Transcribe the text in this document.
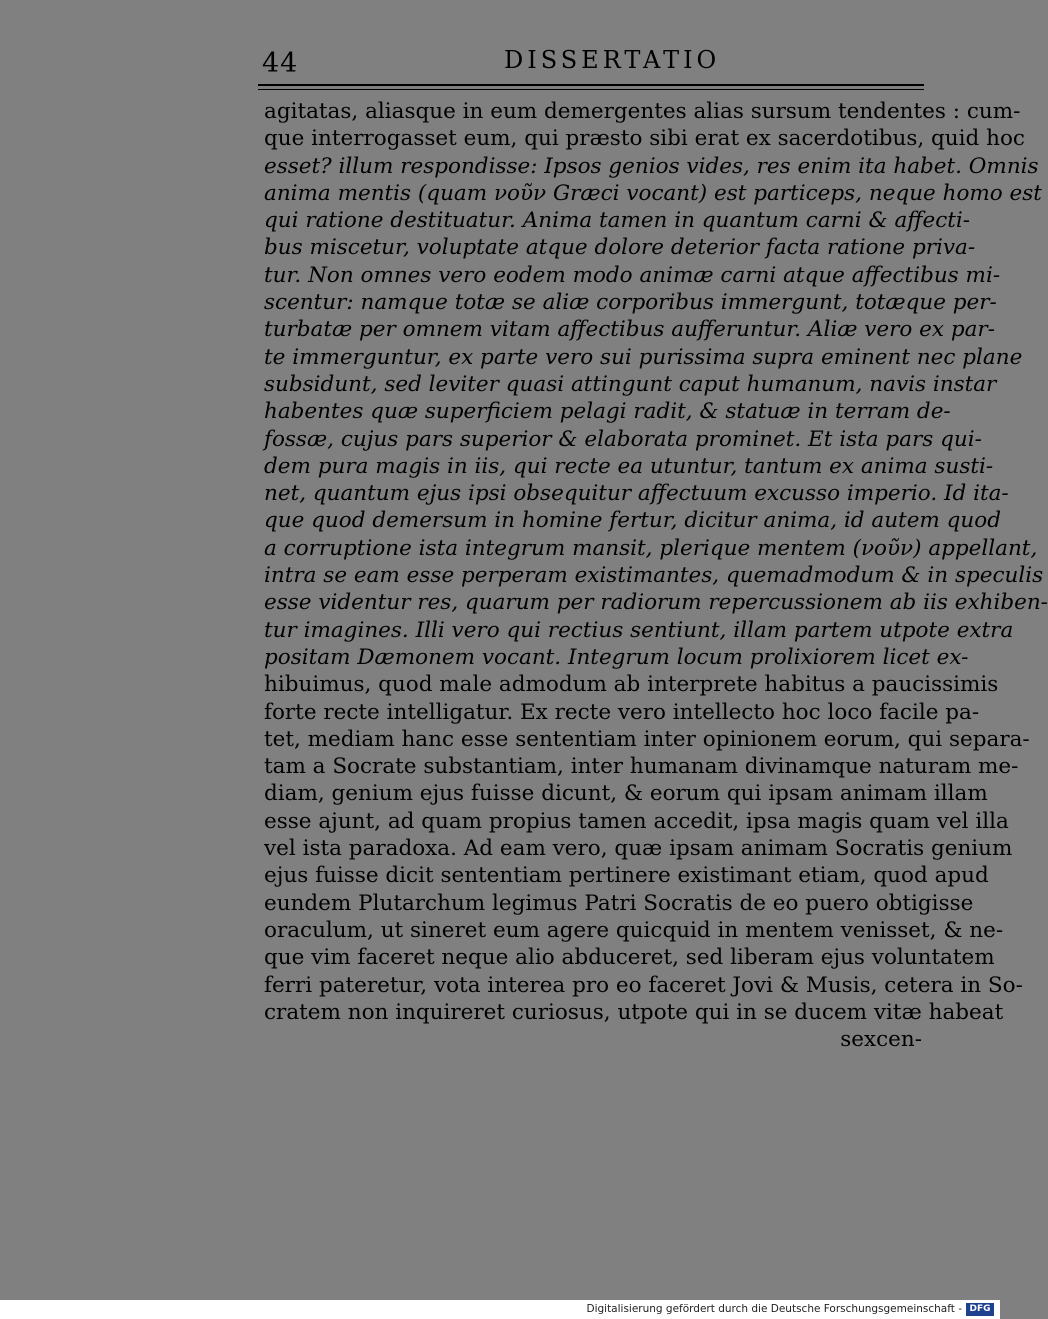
44	DISSERTATIO
agitatas, aliasque in eum demergentes alias sursum tendentes : cum-
que interrogasset eum, qui præsto sibi erat ex sacerdotibus, quid hoc
esset? illum respondisse: Ipsos genios vides, res enim ita habet. Omnis
anima mentis (quam νοῦν Græci vocant) est particeps, neque homo est
qui ratione destituatur. Anima tamen in quantum carni & affecti-
bus miscetur, voluptate atque dolore deterior facta ratione priva-
tur. Non omnes vero eodem modo animæ carni atque affectibus mi-
scentur: namque totæ se aliæ corporibus immergunt, totæque per-
turbatæ per omnem vitam affectibus aufferuntur. Aliæ vero ex par-
te immerguntur, ex parte vero sui purissima supra eminent nec plane
subsidunt, sed leviter quasi attingunt caput humanum, navis instar
habentes quæ superficiem pelagi radit, & statuæ in terram de-
fossæ, cujus pars superior & elaborata prominet. Et ista pars qui-
dem pura magis in iis, qui recte ea utuntur, tantum ex anima susti-
net, quantum ejus ipsi obsequitur affectuum excusso imperio. Id ita-
que quod demersum in homine fertur, dicitur anima, id autem quod
a corruptione ista integrum mansit, plerique mentem (νοῦν) appellant,
intra se eam esse perperam existimantes, quemadmodum & in speculis
esse videntur res, quarum per radiorum repercussionem ab iis exhiben-
tur imagines. Illi vero qui rectius sentiunt, illam partem utpote extra
positam Dæmonem vocant. Integrum locum prolixiorem licet ex-
hibuimus, quod male admodum ab interprete habitus a paucissimis
forte recte intelligatur. Ex recte vero intellecto hoc loco facile pa-
tet, mediam hanc esse sententiam inter opinionem eorum, qui separa-
tam a Socrate substantiam, inter humanam divinamque naturam me-
diam, genium ejus fuisse dicunt, & eorum qui ipsam animam illam
esse ajunt, ad quam propius tamen accedit, ipsa magis quam vel illa
vel ista paradoxa. Ad eam vero, quæ ipsam animam Socratis genium
ejus fuisse dicit sententiam pertinere existimant etiam, quod apud
eundem Plutarchum legimus Patri Socratis de eo puero obtigisse
oraculum, ut sineret eum agere quicquid in mentem venisset, & ne-
que vim faceret neque alio abduceret, sed liberam ejus voluntatem
ferri pateretur, vota interea pro eo faceret Jovi & Musis, cetera in So-
cratem non inquireret curiosus, utpote qui in se ducem vitæ habeat
sexcen-
Digitalisierung gefördert durch die Deutsche Forschungsgemeinschaft - DFG
